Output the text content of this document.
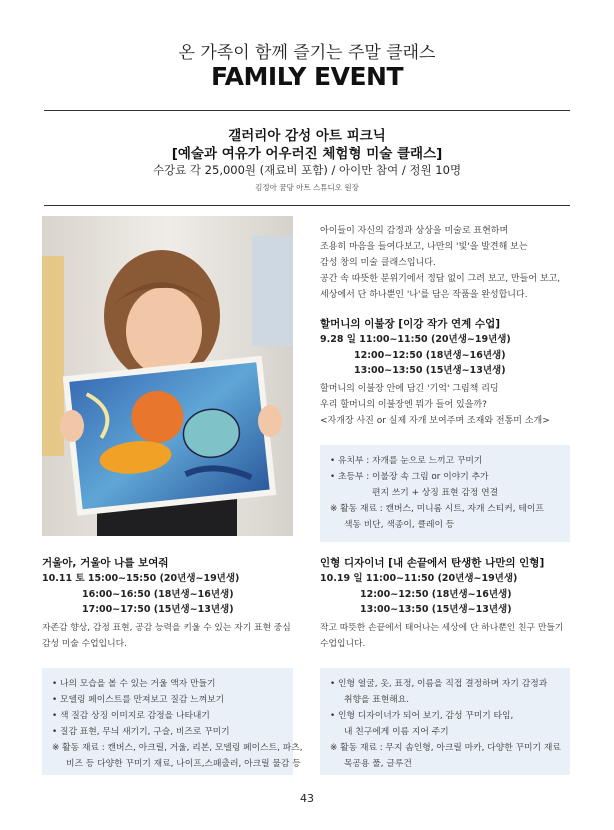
온 가족이 함께 즐기는 주말 클래스
FAMILY EVENT
갤러리아 감성 아트 피크닉
[예술과 여유가 어우러진 체험형 미술 클래스]
수강료 각 25,000원 (재료비 포함) / 아이만 참여 / 정원 10명
김정아 꿈당 아트 스튜디오 원장
아이들이 자신의 감정과 상상을 미술로 표현하며
조용히 마음을 들여다보고, 나만의 '빛'을 발견해 보는
감성 창의 미술 클래스입니다.
공간 속 따뜻한 분위기에서 정답 없이 그려 보고, 만들어 보고,
세상에서 단 하나뿐인 '나'를 담은 작품을 완성합니다.
할머니의 이불장 [이강 작가 연계 수업]
9.28 일 11:00~11:50 (20년생~19년생)
12:00~12:50 (18년생~16년생)
13:00~13:50 (15년생~13년생)
할머니의 이불장 안에 담긴 '기억' 그림책 리딩
우리 할머니의 이불장엔 뭐가 들어 있을까?
<자개장 사진 or 실제 자개 보여주며 조재와 전통미 소개>
• 유치부 : 자개를 눈으로 느끼고 꾸미기
• 초등부 : 이불장 속 그림 or 이야기 추가
편지 쓰기 + 상징 표현 감정 연결
※ 활동 재료 : 캔버스, 미니롬 시트, 자개 스티커, 테이프
색동 비단, 색종이, 클레이 등
거울아, 거울아 나를 보여줘
10.11 토 15:00~15:50 (20년생~19년생)
16:00~16:50 (18년생~16년생)
17:00~17:50 (15년생~13년생)
자존감 향상, 감정 표현, 공감 능력을 키울 수 있는 자기 표현 중심
감성 미술 수업입니다.
• 나의 모습을 볼 수 있는 거울 액자 만들기
• 모델링 페이스트를 만져보고 질감 느껴보기
• 색 질감 상징 이미지로 감정을 나타내기
• 질감 표현, 무늬 새기기, 구슬, 비즈로 꾸미기
※ 활동 재료 : 캔버스, 아크릴, 거울, 리본, 모델링 페이스트, 파츠,
비즈 등 다양한 꾸미기 재료, 나이프,스패출러, 아크릴 물감 등
인형 디자이너 [내 손끝에서 탄생한 나만의 인형]
10.19 일 11:00~11:50 (20년생~19년생)
12:00~12:50 (18년생~16년생)
13:00~13:50 (15년생~13년생)
작고 따뜻한 손끝에서 태어나는 세상에 단 하나뿐인 친구 만들기
수업입니다.
• 인형 얼굴, 옷, 표정, 이름을 직접 결정하며 자기 감정과
취향을 표현해요.
• 인형 디자이너가 되어 보기, 감성 꾸미기 타임,
내 친구에게 이름 지어 주기
※ 활동 재료 : 무지 솜인형, 아크릴 마카, 다양한 꾸미기 재료
목공용 풀, 글루건
43
